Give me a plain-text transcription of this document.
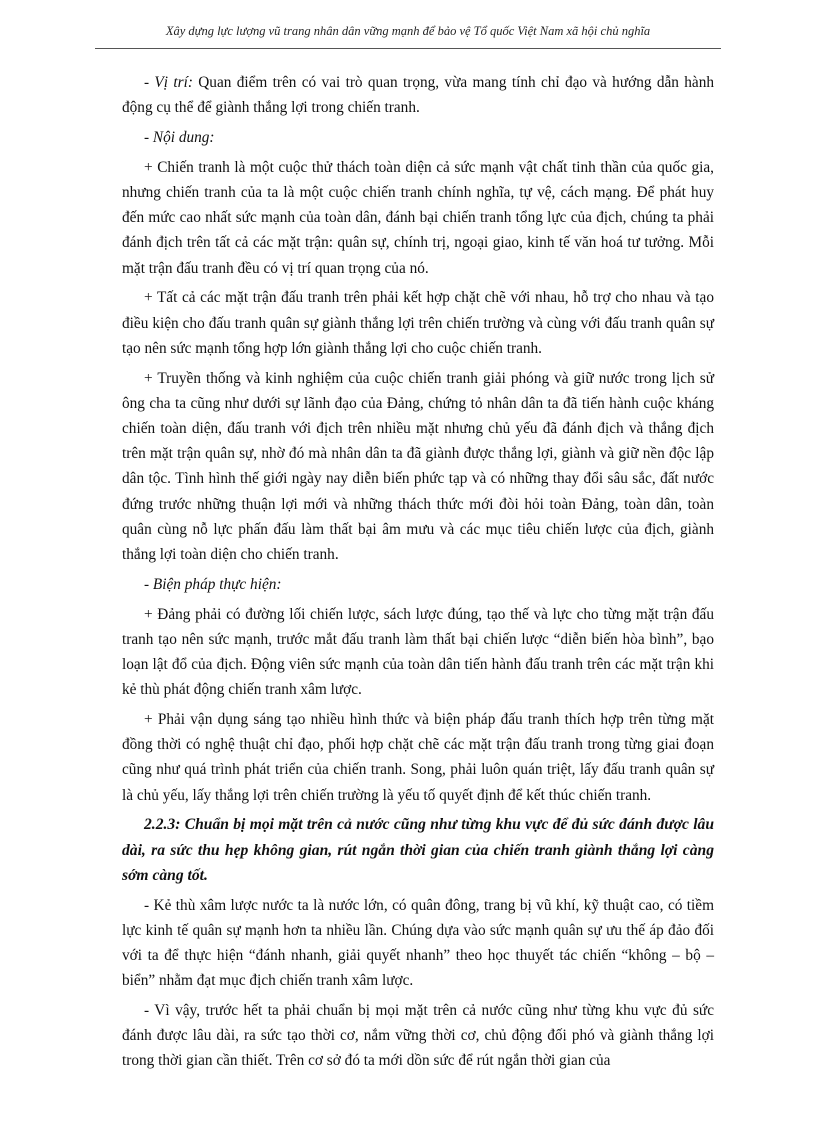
Xây dựng lực lượng vũ trang nhân dân vững mạnh để bảo vệ Tổ quốc Việt Nam xã hội chủ nghĩa

- Vị trí: Quan điểm trên có vai trò quan trọng, vừa mang tính chỉ đạo và hướng dẫn hành động cụ thể để giành thắng lợi trong chiến tranh.

- Nội dung:

+ Chiến tranh là một cuộc thử thách toàn diện cả sức mạnh vật chất tinh thần của quốc gia, nhưng chiến tranh của ta là một cuộc chiến tranh chính nghĩa, tự vệ, cách mạng. Để phát huy đến mức cao nhất sức mạnh của toàn dân, đánh bại chiến tranh tổng lực của địch, chúng ta phải đánh địch trên tất cả các mặt trận: quân sự, chính trị, ngoại giao, kinh tế văn hoá tư tưởng. Mỗi mặt trận đấu tranh đều có vị trí quan trọng của nó.

+ Tất cả các mặt trận đấu tranh trên phải kết hợp chặt chẽ với nhau, hỗ trợ cho nhau và tạo điều kiện cho đấu tranh quân sự giành thắng lợi trên chiến trường và cùng với đấu tranh quân sự tạo nên sức mạnh tổng hợp lớn giành thắng lợi cho cuộc chiến tranh.

+ Truyền thống và kinh nghiệm của cuộc chiến tranh giải phóng và giữ nước trong lịch sử ông cha ta cũng như dưới sự lãnh đạo của Đảng, chứng tỏ nhân dân ta đã tiến hành cuộc kháng chiến toàn diện, đấu tranh với địch trên nhiều mặt nhưng chủ yếu đã đánh địch và thắng địch trên mặt trận quân sự, nhờ đó mà nhân dân ta đã giành được thắng lợi, giành và giữ nền độc lập dân tộc. Tình hình thế giới ngày nay diễn biến phức tạp và có những thay đổi sâu sắc, đất nước đứng trước những thuận lợi mới và những thách thức mới đòi hỏi toàn Đảng, toàn dân, toàn quân cùng nỗ lực phấn đấu làm thất bại âm mưu và các mục tiêu chiến lược của địch, giành thắng lợi toàn diện cho chiến tranh.

- Biện pháp thực hiện:

+ Đảng phải có đường lối chiến lược, sách lược đúng, tạo thế và lực cho từng mặt trận đấu tranh tạo nên sức mạnh, trước mắt đấu tranh làm thất bại chiến lược “diễn biến hòa bình”, bạo loạn lật đổ của địch. Động viên sức mạnh của toàn dân tiến hành đấu tranh trên các mặt trận khi kẻ thù phát động chiến tranh xâm lược.

+ Phải vận dụng sáng tạo nhiều hình thức và biện pháp đấu tranh thích hợp trên từng mặt đồng thời có nghệ thuật chỉ đạo, phối hợp chặt chẽ các mặt trận đấu tranh trong từng giai đoạn cũng như quá trình phát triển của chiến tranh. Song, phải luôn quán triệt, lấy đấu tranh quân sự là chủ yếu, lấy thắng lợi trên chiến trường là yếu tố quyết định để kết thúc chiến tranh.

2.2.3: Chuẩn bị mọi mặt trên cả nước cũng như từng khu vực để đủ sức đánh được lâu dài, ra sức thu hẹp không gian, rút ngắn thời gian của chiến tranh giành thắng lợi càng sớm càng tốt.

- Kẻ thù xâm lược nước ta là nước lớn, có quân đông, trang bị vũ khí, kỹ thuật cao, có tiềm lực kinh tế quân sự mạnh hơn ta nhiều lần. Chúng dựa vào sức mạnh quân sự ưu thế áp đảo đối với ta để thực hiện “đánh nhanh, giải quyết nhanh” theo học thuyết tác chiến “không – bộ – biển” nhằm đạt mục địch chiến tranh xâm lược.

- Vì vậy, trước hết ta phải chuẩn bị mọi mặt trên cả nước cũng như từng khu vực đủ sức đánh được lâu dài, ra sức tạo thời cơ, nắm vững thời cơ, chủ động đối phó và giành thắng lợi trong thời gian cần thiết. Trên cơ sở đó ta mới dồn sức để rút ngắn thời gian của
